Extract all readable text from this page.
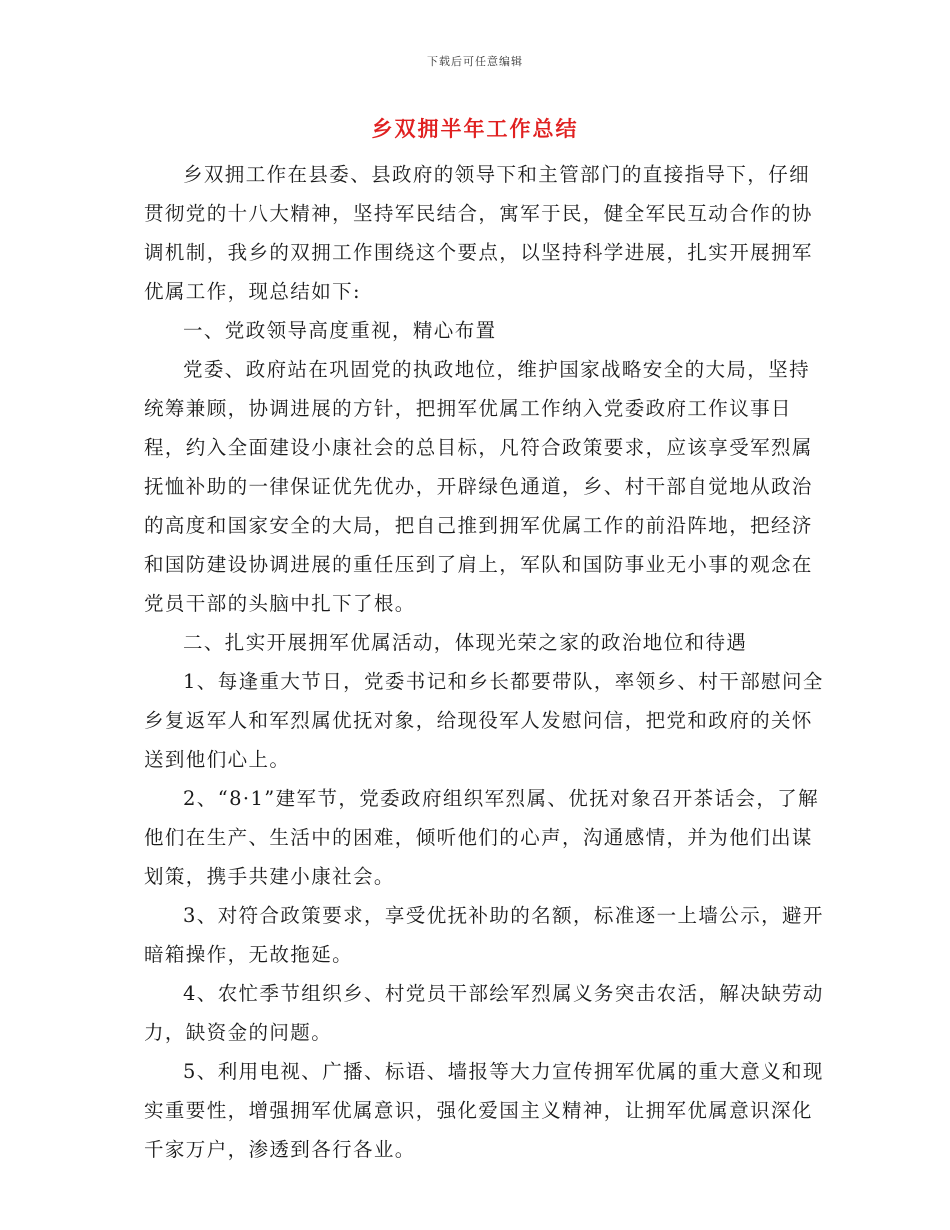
下载后可任意编辑
乡双拥半年工作总结

乡双拥工作在县委、县政府的领导下和主管部门的直接指导下，仔细贯彻党的十八大精神，坚持军民结合，寓军于民，健全军民互动合作的协调机制，我乡的双拥工作围绕这个要点，以坚持科学进展，扎实开展拥军优属工作，现总结如下:

一、党政领导高度重视，精心布置

党委、政府站在巩固党的执政地位，维护国家战略安全的大局，坚持统筹兼顾，协调进展的方针，把拥军优属工作纳入党委政府工作议事日程，约入全面建设小康社会的总目标，凡符合政策要求，应该享受军烈属抚恤补助的一律保证优先优办，开辟绿色通道，乡、村干部自觉地从政治的高度和国家安全的大局，把自己推到拥军优属工作的前沿阵地，把经济和国防建设协调进展的重任压到了肩上，军队和国防事业无小事的观念在党员干部的头脑中扎下了根。

二、扎实开展拥军优属活动，体现光荣之家的政治地位和待遇

1、每逢重大节日，党委书记和乡长都要带队，率领乡、村干部慰问全乡复返军人和军烈属优抚对象，给现役军人发慰问信，把党和政府的关怀送到他们心上。

2、“8·1”建军节，党委政府组织军烈属、优抚对象召开茶话会，了解他们在生产、生活中的困难，倾听他们的心声，沟通感情，并为他们出谋划策，携手共建小康社会。

3、对符合政策要求，享受优抚补助的名额，标准逐一上墙公示，避开暗箱操作，无故拖延。

4、农忙季节组织乡、村党员干部绘军烈属义务突击农活，解决缺劳动力，缺资金的问题。

5、利用电视、广播、标语、墙报等大力宣传拥军优属的重大意义和现实重要性，增强拥军优属意识，强化爱国主义精神，让拥军优属意识深化千家万户，渗透到各行各业。
